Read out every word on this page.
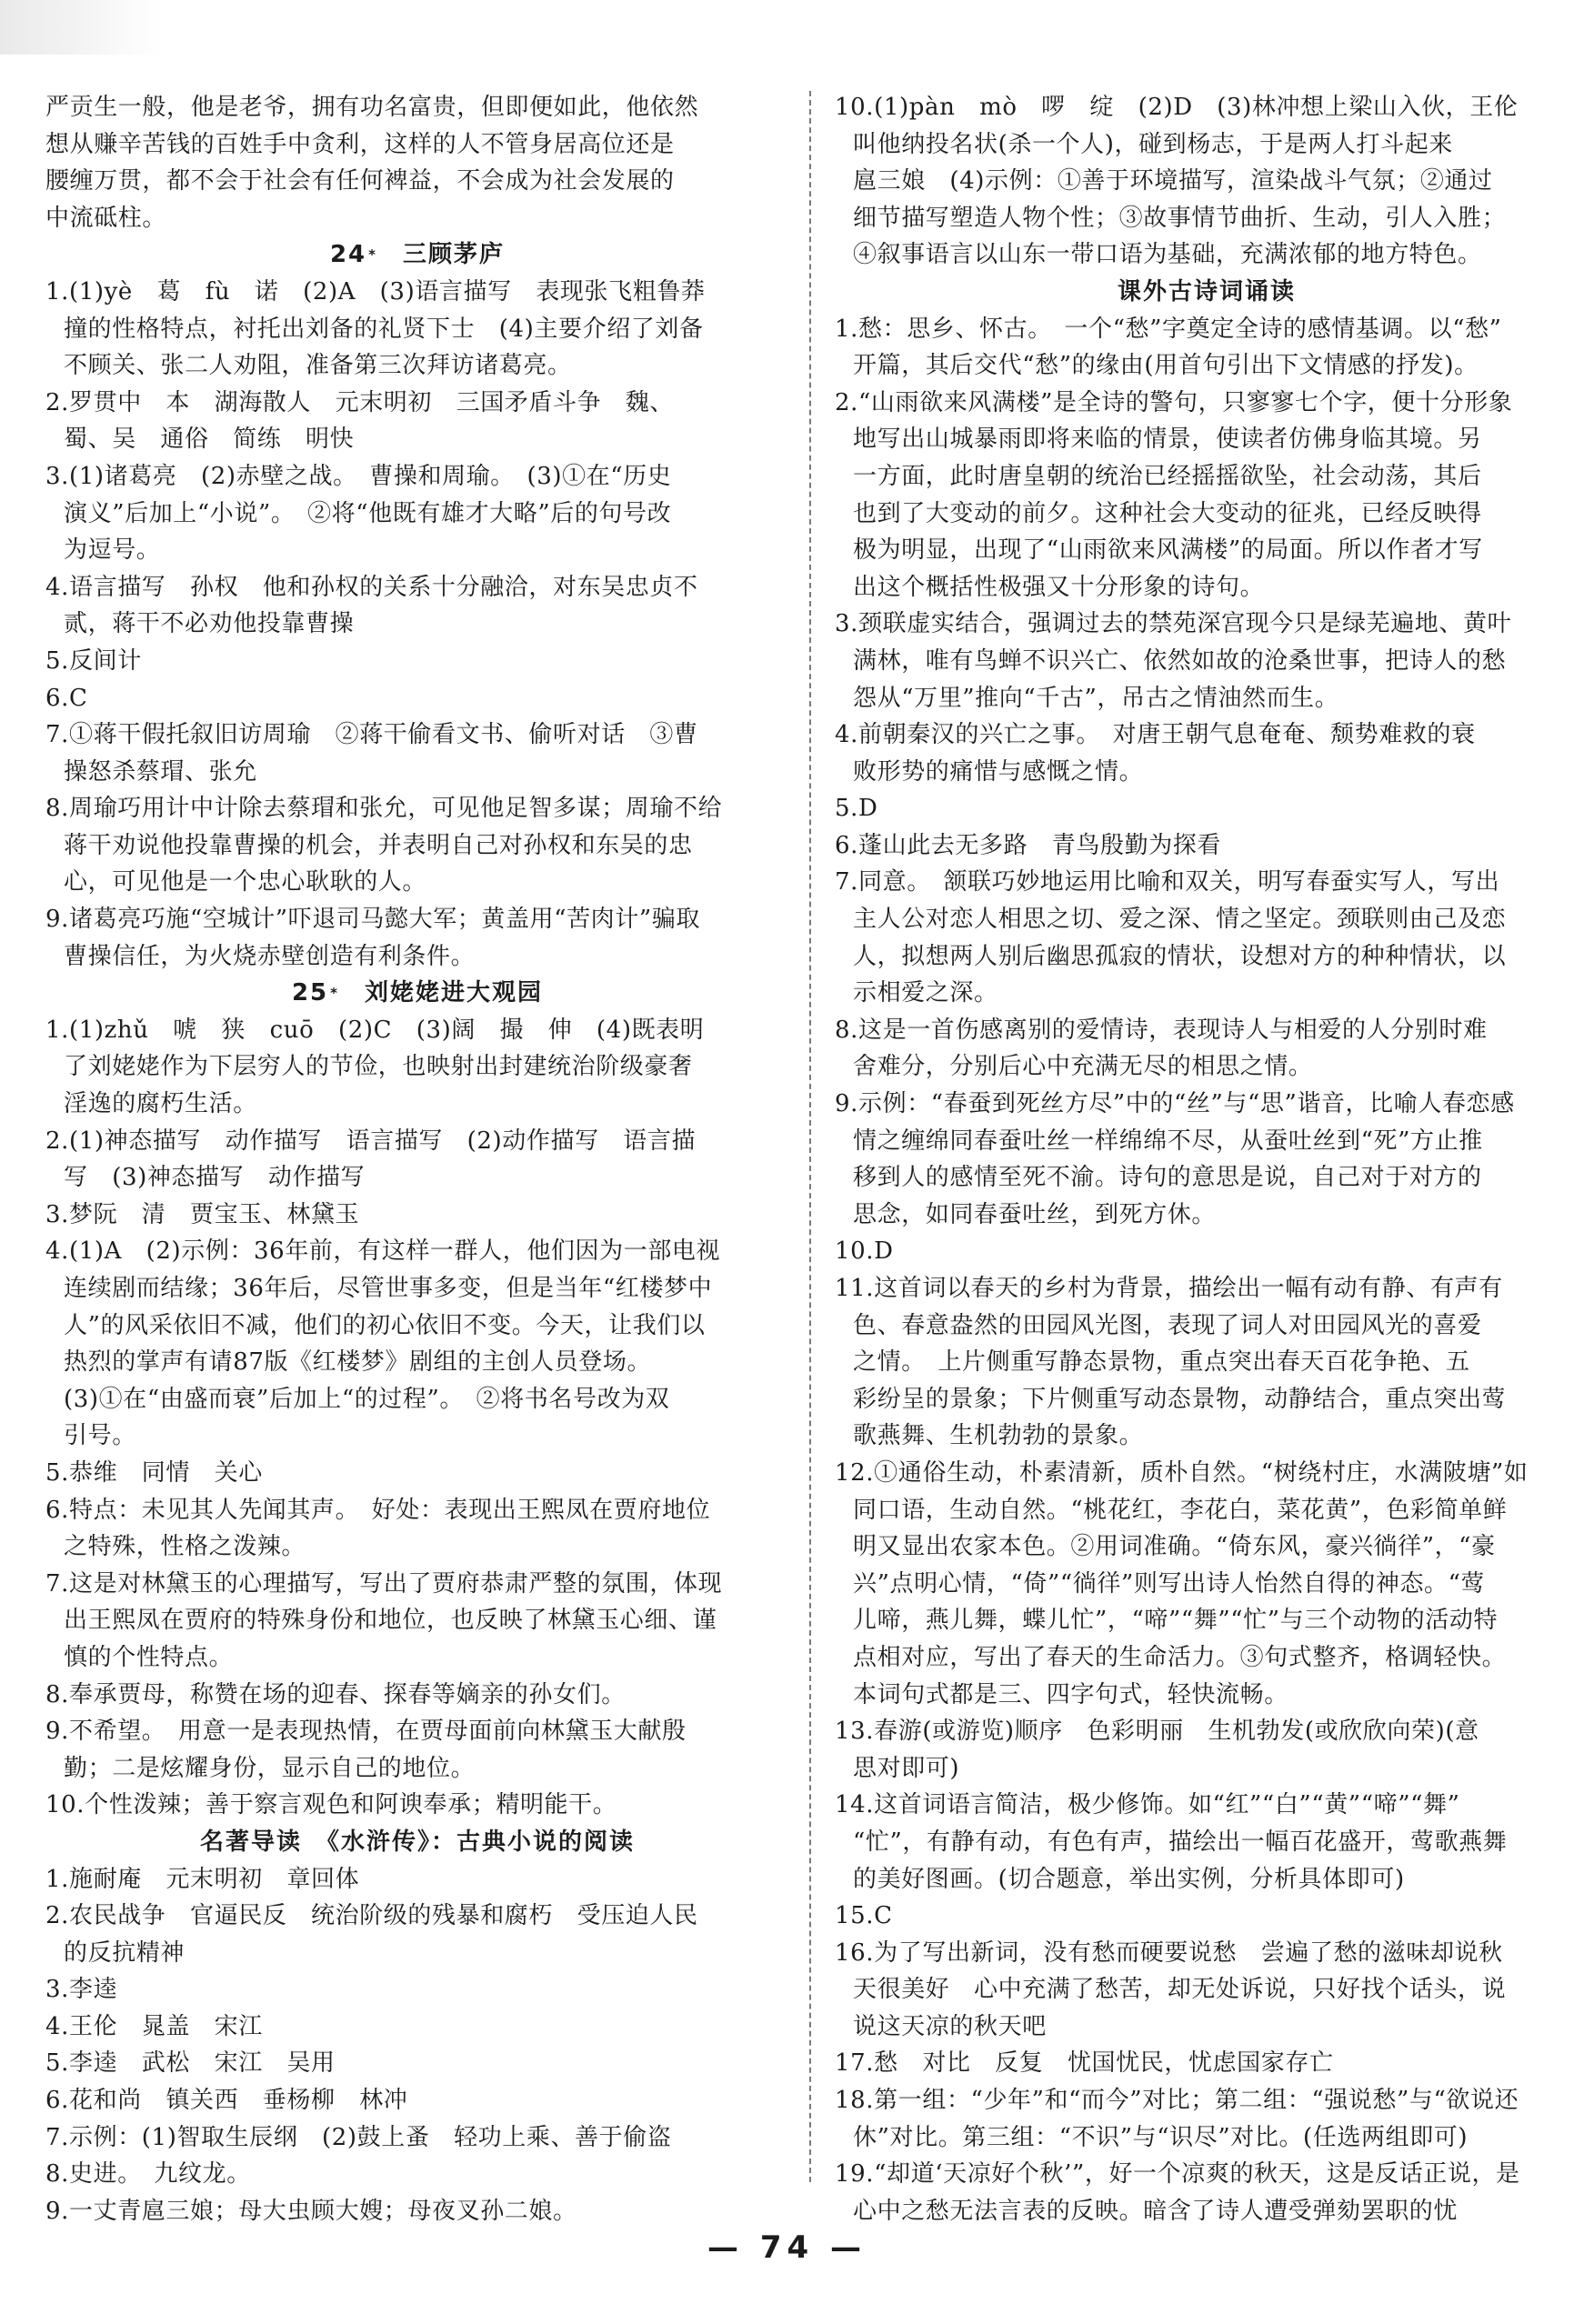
严贡生一般，他是老爷，拥有功名富贵，但即便如此，他依然
想从赚辛苦钱的百姓手中贪利，这样的人不管身居高位还是
腰缠万贯，都不会于社会有任何裨益，不会成为社会发展的
中流砥柱。
24 *　 三顾茅庐
1.(1)yè　葛　fù　诺　(2)A　(3)语言描写　表现张飞粗鲁莽
撞的性格特点，衬托出刘备的礼贤下士　(4)主要介绍了刘备
不顾关、张二人劝阻，准备第三次拜访诸葛亮。
2.罗贯中　本　湖海散人　元末明初　三国矛盾斗争　魏、
蜀、吴　通俗　简练　明快
3.(1)诸葛亮　(2)赤壁之战。　曹操和周瑜。　(3)①在“历史
演义”后加上“小说”。　②将“他既有雄才大略”后的句号改
为逗号。
4.语言描写　孙权　他和孙权的关系十分融洽，对东吴忠贞不
贰，蒋干不必劝他投靠曹操
5.反间计
6.C
7.①蒋干假托叙旧访周瑜　②蒋干偷看文书、偷听对话　③曹
操怒杀蔡瑁、张允
8.周瑜巧用计中计除去蔡瑁和张允，可见他足智多谋；周瑜不给
蒋干劝说他投靠曹操的机会，并表明自己对孙权和东吴的忠
心，可见他是一个忠心耿耿的人。
9.诸葛亮巧施“空城计”吓退司马懿大军；黄盖用“苦肉计”骗取
曹操信任，为火烧赤壁创造有利条件。
25 *　 刘姥姥进大观园
1.(1)zhǔ　唬　狭　cuō　(2)C　(3)阔　撮　伸　(4)既表明
了刘姥姥作为下层穷人的节俭，也映射出封建统治阶级豪奢
淫逸的腐朽生活。
2.(1)神态描写　动作描写　语言描写　(2)动作描写　语言描
写　(3)神态描写　动作描写
3.梦阮　清　贾宝玉、林黛玉
4.(1)A　(2)示例：36年前，有这样一群人，他们因为一部电视
连续剧而结缘；36年后，尽管世事多变，但是当年“红楼梦中
人”的风采依旧不减，他们的初心依旧不变。今天，让我们以
热烈的掌声有请87版《红楼梦》剧组的主创人员登场。
(3)①在“由盛而衰”后加上“的过程”。　②将书名号改为双
引号。
5.恭维　同情　关心
6.特点：未见其人先闻其声。　好处：表现出王熙凤在贾府地位
之特殊，性格之泼辣。
7.这是对林黛玉的心理描写，写出了贾府恭肃严整的氛围，体现
出王熙凤在贾府的特殊身份和地位，也反映了林黛玉心细、谨
慎的个性特点。
8.奉承贾母，称赞在场的迎春、探春等嫡亲的孙女们。
9.不希望。　用意一是表现热情，在贾母面前向林黛玉大献殷
勤；二是炫耀身份，显示自己的地位。
10.个性泼辣；善于察言观色和阿谀奉承；精明能干。
名著导读　《水浒传》：古典小说的阅读
1.施耐庵　元末明初　章回体
2.农民战争　官逼民反　统治阶级的残暴和腐朽　受压迫人民
的反抗精神
3.李逵
4.王伦　晁盖　宋江
5.李逵　武松　宋江　吴用
6.花和尚　镇关西　垂杨柳　林冲
7.示例：(1)智取生辰纲　(2)鼓上蚤　轻功上乘、善于偷盗
8.史进。　九纹龙。
9.一丈青扈三娘；母大虫顾大嫂；母夜叉孙二娘。
10.(1)pàn　mò　啰　绽　(2)D　(3)林冲想上梁山入伙，王伦
叫他纳投名状(杀一个人)，碰到杨志，于是两人打斗起来
扈三娘　(4)示例：①善于环境描写，渲染战斗气氛；②通过
细节描写塑造人物个性；③故事情节曲折、生动，引人入胜；
④叙事语言以山东一带口语为基础，充满浓郁的地方特色。
课外古诗词诵读
1.愁：思乡、怀古。　一个“愁”字奠定全诗的感情基调。以“愁”
开篇，其后交代“愁”的缘由(用首句引出下文情感的抒发)。
2.“山雨欲来风满楼”是全诗的警句，只寥寥七个字，便十分形象
地写出山城暴雨即将来临的情景，使读者仿佛身临其境。另
一方面，此时唐皇朝的统治已经摇摇欲坠，社会动荡，其后
也到了大变动的前夕。这种社会大变动的征兆，已经反映得
极为明显，出现了“山雨欲来风满楼”的局面。所以作者才写
出这个概括性极强又十分形象的诗句。
3.颈联虚实结合，强调过去的禁苑深宫现今只是绿芜遍地、黄叶
满林，唯有鸟蝉不识兴亡、依然如故的沧桑世事，把诗人的愁
怨从“万里”推向“千古”，吊古之情油然而生。
4.前朝秦汉的兴亡之事。　对唐王朝气息奄奄、颓势难救的衰
败形势的痛惜与感慨之情。
5.D
6.蓬山此去无多路　青鸟殷勤为探看
7.同意。　颔联巧妙地运用比喻和双关，明写春蚕实写人，写出
主人公对恋人相思之切、爱之深、情之坚定。颈联则由己及恋
人，拟想两人别后幽思孤寂的情状，设想对方的种种情状，以
示相爱之深。
8.这是一首伤感离别的爱情诗，表现诗人与相爱的人分别时难
舍难分，分别后心中充满无尽的相思之情。
9.示例：“春蚕到死丝方尽”中的“丝”与“思”谐音，比喻人春恋感
情之缠绵同春蚕吐丝一样绵绵不尽，从蚕吐丝到“死”方止推
移到人的感情至死不渝。诗句的意思是说，自己对于对方的
思念，如同春蚕吐丝，到死方休。
10.D
11.这首词以春天的乡村为背景，描绘出一幅有动有静、有声有
色、春意盎然的田园风光图，表现了词人对田园风光的喜爱
之情。　上片侧重写静态景物，重点突出春天百花争艳、五
彩纷呈的景象；下片侧重写动态景物，动静结合，重点突出莺
歌燕舞、生机勃勃的景象。
12.①通俗生动，朴素清新，质朴自然。“树绕村庄，水满陂塘”如
同口语，生动自然。“桃花红，李花白，菜花黄”，色彩简单鲜
明又显出农家本色。②用词准确。“倚东风，豪兴徜徉”，“豪
兴”点明心情，“倚”“徜徉”则写出诗人怡然自得的神态。“莺
儿啼，燕儿舞，蝶儿忙”，“啼”“舞”“忙”与三个动物的活动特
点相对应，写出了春天的生命活力。③句式整齐，格调轻快。
本词句式都是三、四字句式，轻快流畅。
13.春游(或游览)顺序　色彩明丽　生机勃发(或欣欣向荣)(意
思对即可)
14.这首词语言简洁，极少修饰。如“红”“白”“黄”“啼”“舞”
“忙”，有静有动，有色有声，描绘出一幅百花盛开，莺歌燕舞
的美好图画。(切合题意，举出实例，分析具体即可)
15.C
16.为了写出新词，没有愁而硬要说愁　尝遍了愁的滋味却说秋
天很美好　心中充满了愁苦，却无处诉说，只好找个话头，说
说这天凉的秋天吧
17.愁　对比　反复　忧国忧民，忧虑国家存亡
18.第一组：“少年”和“而今”对比；第二组：“强说愁”与“欲说还
休”对比。第三组：“不识”与“识尽”对比。(任选两组即可)
19.“却道‘天凉好个秋’”，好一个凉爽的秋天，这是反话正说，是
心中之愁无法言表的反映。暗含了诗人遭受弹劾罢职的忧
— 74 —
